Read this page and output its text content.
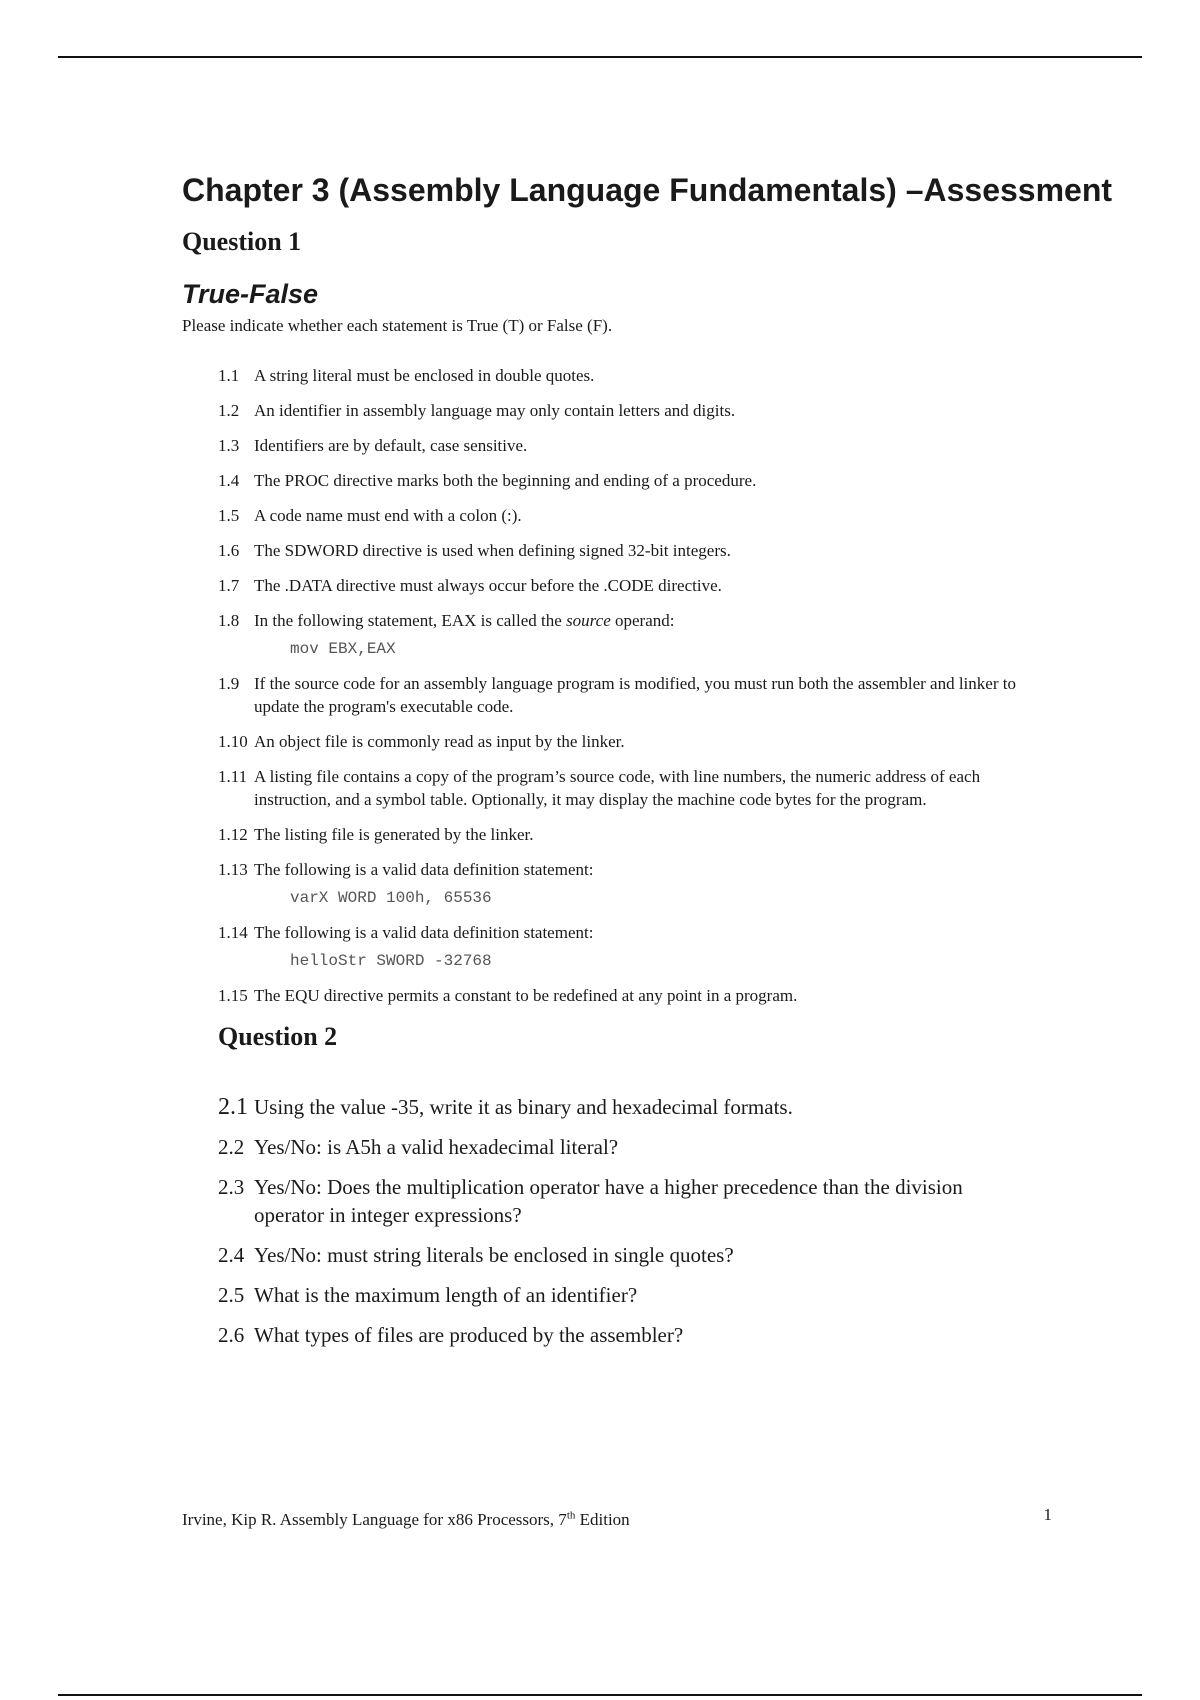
Chapter 3 (Assembly Language Fundamentals) –Assessment
Question 1
True-False

Please indicate whether each statement is True (T) or False (F).

1.1 A string literal must be enclosed in double quotes.
1.2 An identifier in assembly language may only contain letters and digits.
1.3 Identifiers are by default, case sensitive.
1.4 The PROC directive marks both the beginning and ending of a procedure.
1.5 A code name must end with a colon (:).
1.6 The SDWORD directive is used when defining signed 32-bit integers.
1.7 The .DATA directive must always occur before the .CODE directive.
1.8 In the following statement, EAX is called the source operand:
mov EBX,EAX
1.9 If the source code for an assembly language program is modified, you must run both the assembler and linker to update the program's executable code.
1.10 An object file is commonly read as input by the linker.
1.11 A listing file contains a copy of the program’s source code, with line numbers, the numeric address of each instruction, and a symbol table. Optionally, it may display the machine code bytes for the program.
1.12 The listing file is generated by the linker.
1.13 The following is a valid data definition statement:
varX WORD 100h, 65536
1.14 The following is a valid data definition statement:
helloStr SWORD -32768
1.15 The EQU directive permits a constant to be redefined at any point in a program.
Question 2
2.1 Using the value -35, write it as binary and hexadecimal formats.
2.2 Yes/No: is A5h a valid hexadecimal literal?
2.3 Yes/No: Does the multiplication operator have a higher precedence than the division operator in integer expressions?
2.4 Yes/No: must string literals be enclosed in single quotes?
2.5 What is the maximum length of an identifier?
2.6 What types of files are produced by the assembler?
Irvine, Kip R. Assembly Language for x86 Processors, 7th Edition	1
